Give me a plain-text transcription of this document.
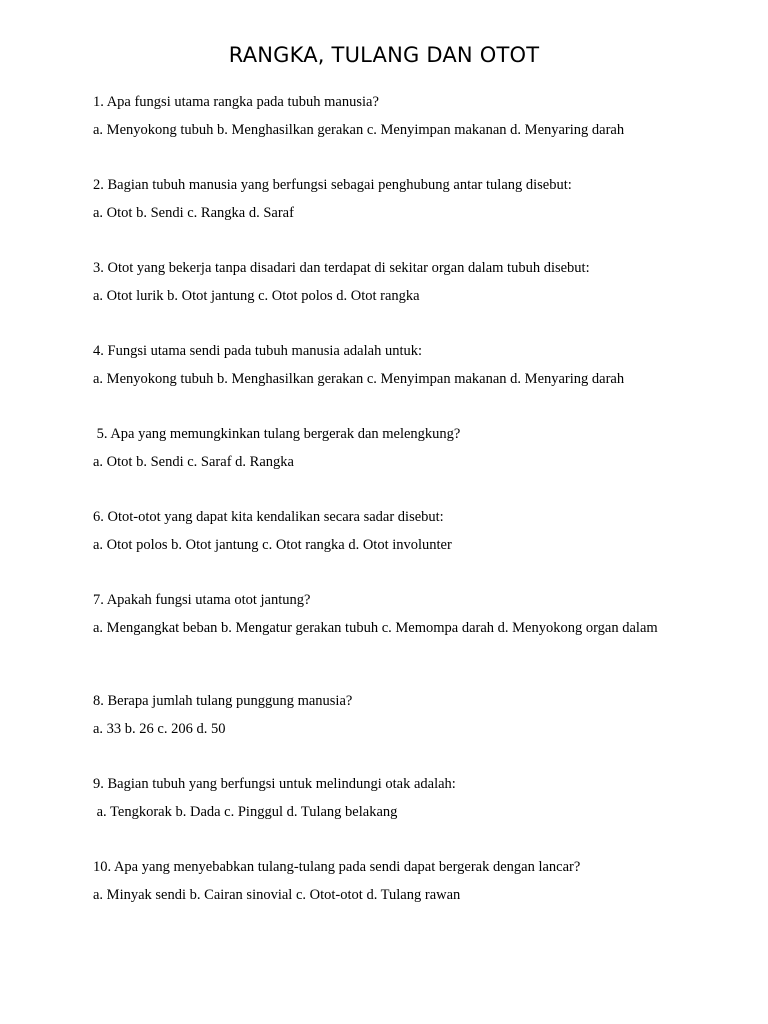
RANGKA, TULANG DAN OTOT

1. Apa fungsi utama rangka pada tubuh manusia?

a. Menyokong tubuh b. Menghasilkan gerakan c. Menyimpan makanan d. Menyaring darah

2. Bagian tubuh manusia yang berfungsi sebagai penghubung antar tulang disebut:

a. Otot b. Sendi c. Rangka d. Saraf

3. Otot yang bekerja tanpa disadari dan terdapat di sekitar organ dalam tubuh disebut:

a. Otot lurik b. Otot jantung c. Otot polos d. Otot rangka

4. Fungsi utama sendi pada tubuh manusia adalah untuk:

a. Menyokong tubuh b. Menghasilkan gerakan c. Menyimpan makanan d. Menyaring darah

5. Apa yang memungkinkan tulang bergerak dan melengkung?

a. Otot b. Sendi c. Saraf d. Rangka

6. Otot-otot yang dapat kita kendalikan secara sadar disebut:

a. Otot polos b. Otot jantung c. Otot rangka d. Otot involunter

7. Apakah fungsi utama otot jantung?

a. Mengangkat beban b. Mengatur gerakan tubuh c. Memompa darah d. Menyokong organ dalam

8. Berapa jumlah tulang punggung manusia?

a. 33 b. 26 c. 206 d. 50

9. Bagian tubuh yang berfungsi untuk melindungi otak adalah:

a. Tengkorak b. Dada c. Pinggul d. Tulang belakang

10. Apa yang menyebabkan tulang-tulang pada sendi dapat bergerak dengan lancar?

a. Minyak sendi b. Cairan sinovial c. Otot-otot d. Tulang rawan
